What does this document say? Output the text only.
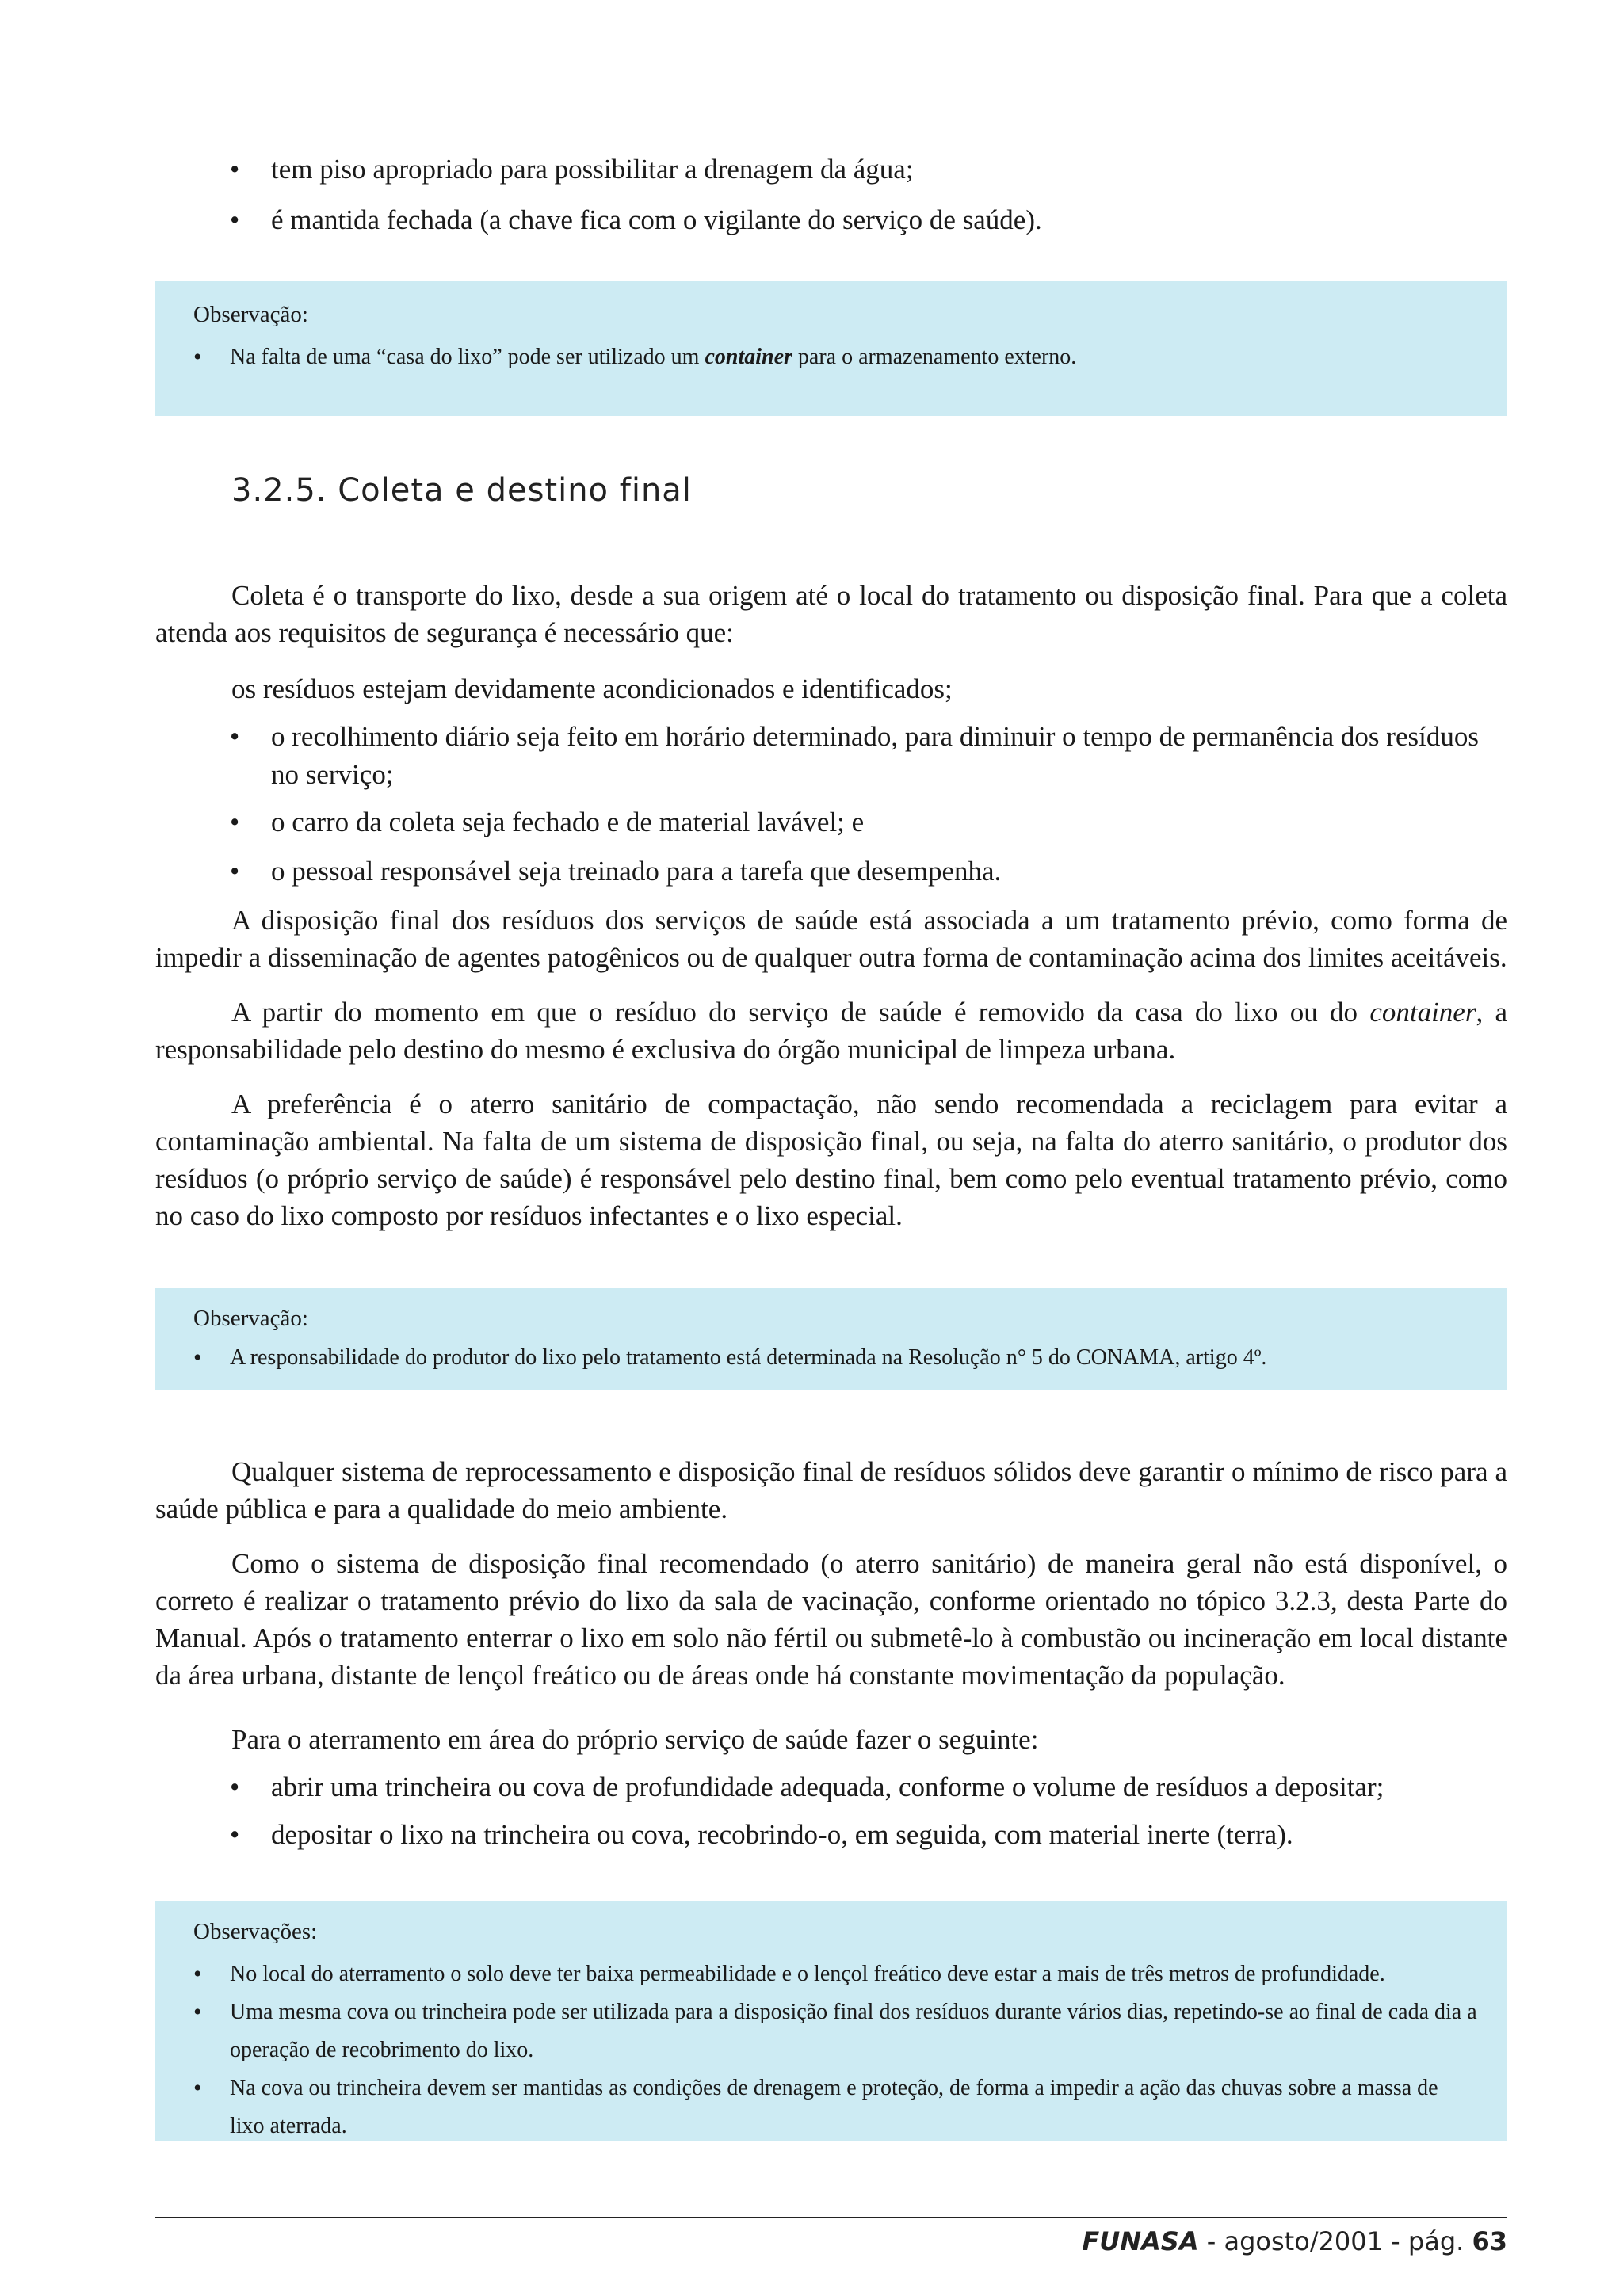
• tem piso apropriado para possibilitar a drenagem da água;
• é mantida fechada (a chave fica com o vigilante do serviço de saúde).
Observação:
• Na falta de uma “casa do lixo” pode ser utilizado um container para o armazenamento externo.
3.2.5. Coleta e destino final
Coleta é o transporte do lixo, desde a sua origem até o local do tratamento ou disposição final. Para que a coleta atenda aos requisitos de segurança é necessário que:
os resíduos estejam devidamente acondicionados e identificados;
• o recolhimento diário seja feito em horário determinado, para diminuir o tempo de permanência dos resíduos no serviço;
• o carro da coleta seja fechado e de material lavável; e
• o pessoal responsável seja treinado para a tarefa que desempenha.
A disposição final dos resíduos dos serviços de saúde está associada a um tratamento prévio, como forma de impedir a disseminação de agentes patogênicos ou de qualquer outra forma de contaminação acima dos limites aceitáveis.
A partir do momento em que o resíduo do serviço de saúde é removido da casa do lixo ou do container, a responsabilidade pelo destino do mesmo é exclusiva do órgão municipal de limpeza urbana.
A preferência é o aterro sanitário de compactação, não sendo recomendada a reciclagem para evitar a contaminação ambiental. Na falta de um sistema de disposição final, ou seja, na falta do aterro sanitário, o produtor dos resíduos (o próprio serviço de saúde) é responsável pelo destino final, bem como pelo eventual tratamento prévio, como no caso do lixo composto por resíduos infectantes e o lixo especial.
Observação:
• A responsabilidade do produtor do lixo pelo tratamento está determinada na Resolução n° 5 do CONAMA, artigo 4º.
Qualquer sistema de reprocessamento e disposição final de resíduos sólidos deve garantir o mínimo de risco para a saúde pública e para a qualidade do meio ambiente.
Como o sistema de disposição final recomendado (o aterro sanitário) de maneira geral não está disponível, o correto é realizar o tratamento prévio do lixo da sala de vacinação, conforme orientado no tópico 3.2.3, desta Parte do Manual. Após o tratamento enterrar o lixo em solo não fértil ou submetê-lo à combustão ou incineração em local distante da área urbana, distante de lençol freático ou de áreas onde há constante movimentação da população.
Para o aterramento em área do próprio serviço de saúde fazer o seguinte:
• abrir uma trincheira ou cova de profundidade adequada, conforme o volume de resíduos a depositar;
• depositar o lixo na trincheira ou cova, recobrindo-o, em seguida, com material inerte (terra).
Observações:
• No local do aterramento o solo deve ter baixa permeabilidade e o lençol freático deve estar a mais de três metros de profundidade.
• Uma mesma cova ou trincheira pode ser utilizada para a disposição final dos resíduos durante vários dias, repetindo-se ao final de cada dia a operação de recobrimento do lixo.
• Na cova ou trincheira devem ser mantidas as condições de drenagem e proteção, de forma a impedir a ação das chuvas sobre a massa de lixo aterrada.
FUNASA - agosto/2001 - pág. 63
